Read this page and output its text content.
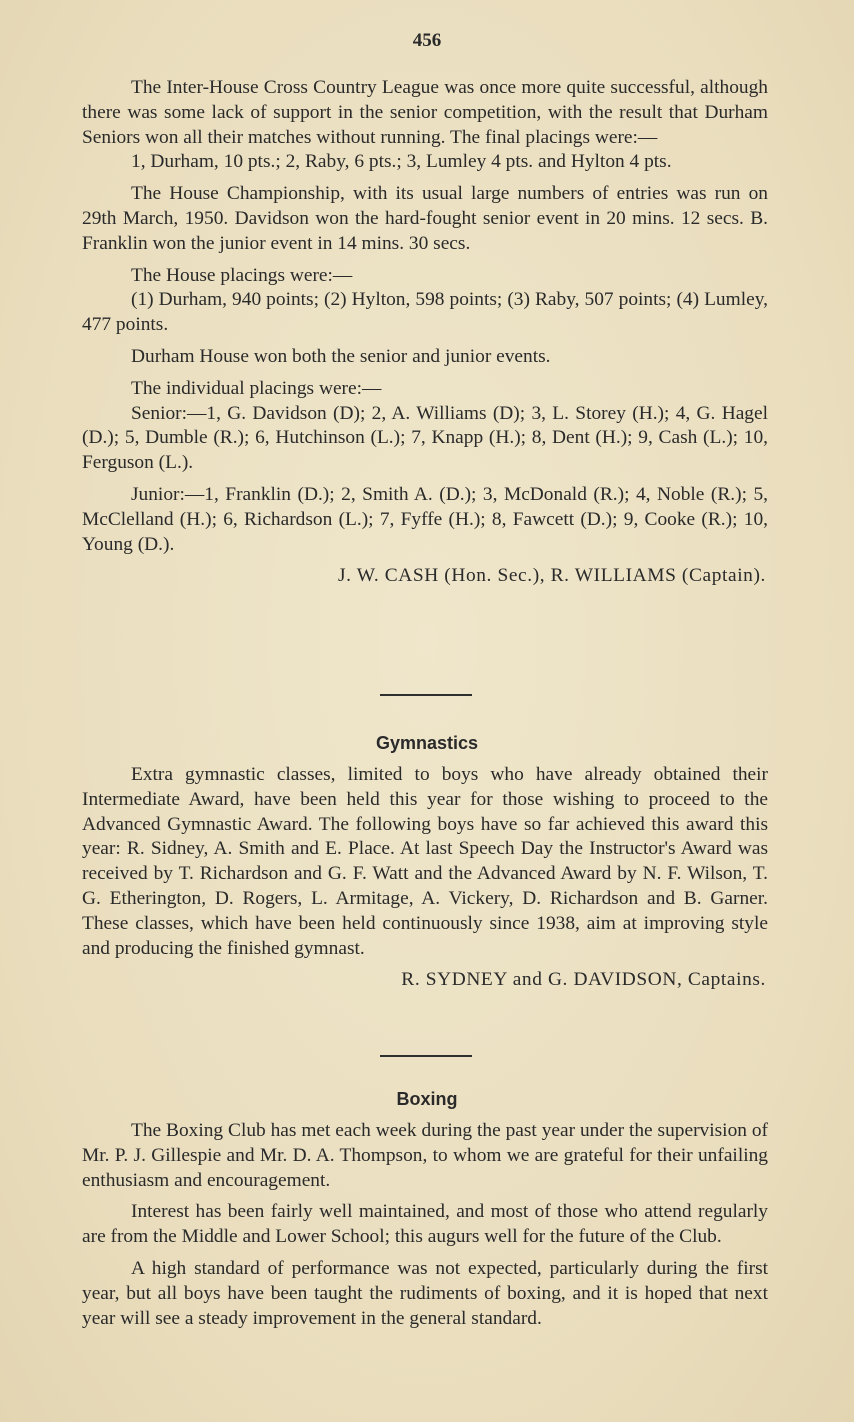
456

The Inter-House Cross Country League was once more quite successful, although there was some lack of support in the senior competition, with the result that Durham Seniors won all their matches without running. The final placings were:—

1, Durham, 10 pts.; 2, Raby, 6 pts.; 3, Lumley 4 pts. and Hylton 4 pts.

The House Championship, with its usual large numbers of entries was run on 29th March, 1950. Davidson won the hard-fought senior event in 20 mins. 12 secs. B. Franklin won the junior event in 14 mins. 30 secs.

The House placings were:—

(1) Durham, 940 points; (2) Hylton, 598 points; (3) Raby, 507 points; (4) Lumley, 477 points.

Durham House won both the senior and junior events.

The individual placings were:—

Senior:—1, G. Davidson (D); 2, A. Williams (D); 3, L. Storey (H.); 4, G. Hagel (D.); 5, Dumble (R.); 6, Hutchinson (L.); 7, Knapp (H.); 8, Dent (H.); 9, Cash (L.); 10, Ferguson (L.).

Junior:—1, Franklin (D.); 2, Smith A. (D.); 3, McDonald (R.); 4, Noble (R.); 5, McClelland (H.); 6, Richardson (L.); 7, Fyffe (H.); 8, Fawcett (D.); 9, Cooke (R.); 10, Young (D.).

J. W. CASH (Hon. Sec.), R. WILLIAMS (Captain).

Gymnastics

Extra gymnastic classes, limited to boys who have already obtained their Intermediate Award, have been held this year for those wishing to proceed to the Advanced Gymnastic Award. The following boys have so far achieved this award this year: R. Sidney, A. Smith and E. Place. At last Speech Day the Instructor's Award was received by T. Richardson and G. F. Watt and the Advanced Award by N. F. Wilson, T. G. Etherington, D. Rogers, L. Armitage, A. Vickery, D. Richardson and B. Garner. These classes, which have been held continuously since 1938, aim at improving style and producing the finished gymnast.

R. SYDNEY and G. DAVIDSON, Captains.

Boxing

The Boxing Club has met each week during the past year under the supervision of Mr. P. J. Gillespie and Mr. D. A. Thompson, to whom we are grateful for their unfailing enthusiasm and encouragement.

Interest has been fairly well maintained, and most of those who attend regularly are from the Middle and Lower School; this augurs well for the future of the Club.

A high standard of performance was not expected, particularly during the first year, but all boys have been taught the rudiments of boxing, and it is hoped that next year will see a steady improvement in the general standard.
